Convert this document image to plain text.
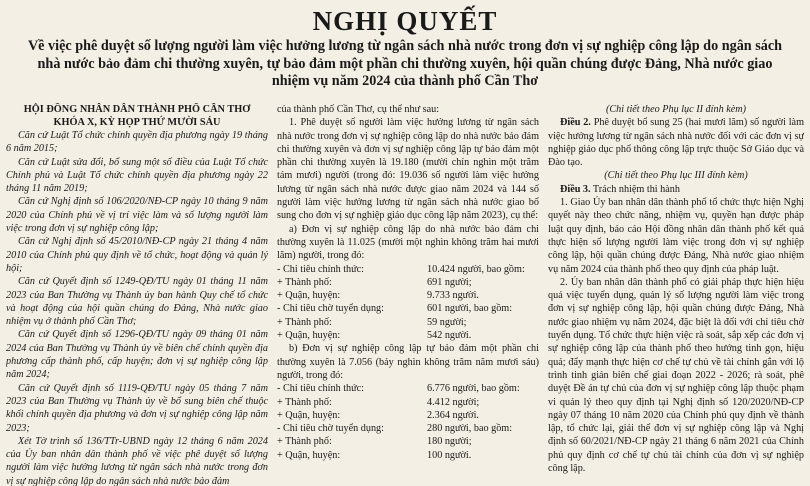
NGHỊ QUYẾT
Về việc phê duyệt số lượng người làm việc hưởng lương từ ngân sách nhà nước trong đơn vị sự nghiệp công lập do ngân sách nhà nước bảo đảm chi thường xuyên, tự bảo đảm một phần chi thường xuyên, hội quần chúng được Đảng, Nhà nước giao nhiệm vụ năm 2024 của thành phố Cần Thơ

HỘI ĐỒNG NHÂN DÂN THÀNH PHỐ CẦN THƠ

KHÓA X, KỲ HỌP THỨ MƯỜI SÁU

Căn cứ Luật Tổ chức chính quyền địa phương ngày 19 tháng 6 năm 2015;

Căn cứ Luật sửa đổi, bổ sung một số điều của Luật Tổ chức Chính phủ và Luật Tổ chức chính quyền địa phương ngày 22 tháng 11 năm 2019;

Căn cứ Nghị định số 106/2020/NĐ-CP ngày 10 tháng 9 năm 2020 của Chính phủ về vị trí việc làm và số lượng người làm việc trong đơn vị sự nghiệp công lập;

Căn cứ Nghị định số 45/2010/NĐ-CP ngày 21 tháng 4 năm 2010 của Chính phủ quy định về tổ chức, hoạt động và quản lý hội;

Căn cứ Quyết định số 1249-QĐ/TU ngày 01 tháng 11 năm 2023 của Ban Thường vụ Thành ủy ban hành Quy chế tổ chức và hoạt động của hội quần chúng do Đảng, Nhà nước giao nhiệm vụ ở thành phố Cần Thơ;

Căn cứ Quyết định số 1296-QĐ/TU ngày 09 tháng 01 năm 2024 của Ban Thường vụ Thành ủy về biên chế chính quyền địa phương cấp thành phố, cấp huyện; đơn vị sự nghiệp công lập năm 2024;

Căn cứ Quyết định số 1119-QĐ/TU ngày 05 tháng 7 năm 2023 của Ban Thường vụ Thành ủy về bổ sung biên chế thuộc khối chính quyền địa phương và đơn vị sự nghiệp công lập năm 2023;

Xét Tờ trình số 136/TTr-UBND ngày 12 tháng 6 năm 2024 của Ủy ban nhân dân thành phố về việc phê duyệt số lượng người làm việc hưởng lương từ ngân sách nhà nước trong đơn vị sự nghiệp công lập do ngân sách nhà nước bảo đảm

của thành phố Cần Thơ, cụ thể như sau:

1. Phê duyệt số người làm việc hưởng lương từ ngân sách nhà nước trong đơn vị sự nghiệp công lập do nhà nước bảo đảm chi thường xuyên và đơn vị sự nghiệp công lập tự bảo đảm một phần chi thường xuyên là 19.180 (mười chín nghìn một trăm tám mươi) người (trong đó: 19.036 số người làm việc hưởng lương từ ngân sách nhà nước được giao năm 2024 và 144 số người làm việc hưởng lương từ ngân sách nhà nước giao bổ sung cho đơn vị sự nghiệp giáo dục công lập năm 2023), cụ thể:

a) Đơn vị sự nghiệp công lập do nhà nước bảo đảm chi thường xuyên là 11.025 (mười một nghìn không trăm hai mươi lăm) người, trong đó:

- Chỉ tiêu chính thức:	10.424 người, bao gồm:
+ Thành phố:	691 người;
+ Quận, huyện:	9.733 người.
- Chỉ tiêu chờ tuyển dụng:	601 người, bao gồm:
+ Thành phố:	59 người;
+ Quận, huyện:	542 người.

b) Đơn vị sự nghiệp công lập tự bảo đảm một phần chi thường xuyên là 7.056 (bảy nghìn không trăm năm mươi sáu) người, trong đó:

- Chỉ tiêu chính thức:	6.776 người, bao gồm:
+ Thành phố:	4.412 người;
+ Quận, huyện:	2.364 người.
- Chỉ tiêu chờ tuyển dụng:	280 người, bao gồm:
+ Thành phố:	180 người;
+ Quận, huyện:	100 người.

(Chi tiết theo Phụ lục II đính kèm)

Điều 2. Phê duyệt bổ sung 25 (hai mươi lăm) số người làm việc hưởng lương từ ngân sách nhà nước đối với các đơn vị sự nghiệp giáo dục phổ thông công lập trực thuộc Sở Giáo dục và Đào tạo.

(Chi tiết theo Phụ lục III đính kèm)

Điều 3. Trách nhiệm thi hành

1. Giao Ủy ban nhân dân thành phố tổ chức thực hiện Nghị quyết này theo chức năng, nhiệm vụ, quyền hạn được pháp luật quy định, báo cáo Hội đồng nhân dân thành phố kết quả thực hiện số lượng người làm việc trong đơn vị sự nghiệp công lập, hội quần chúng được Đảng, Nhà nước giao nhiệm vụ năm 2024 của thành phố theo quy định của pháp luật.

2. Ủy ban nhân dân thành phố có giải pháp thực hiện hiệu quả việc tuyển dụng, quản lý số lượng người làm việc trong đơn vị sự nghiệp công lập, hội quần chúng được Đảng, Nhà nước giao nhiệm vụ năm 2024, đặc biệt là đối với chỉ tiêu chờ tuyển dụng. Tổ chức thực hiện việc rà soát, sắp xếp các đơn vị sự nghiệp công lập của thành phố theo hướng tinh gọn, hiệu quả; đẩy mạnh thực hiện cơ chế tự chủ về tài chính gắn với lộ trình tinh giản biên chế giai đoạn 2022 - 2026; rà soát, phê duyệt Đề án tự chủ của đơn vị sự nghiệp công lập thuộc phạm vi quản lý theo quy định tại Nghị định số 120/2020/NĐ-CP ngày 07 tháng 10 năm 2020 của Chính phủ quy định về thành lập, tổ chức lại, giải thể đơn vị sự nghiệp công lập và Nghị định số 60/2021/NĐ-CP ngày 21 tháng 6 năm 2021 của Chính phủ quy định cơ chế tự chủ tài chính của đơn vị sự nghiệp công lập.
